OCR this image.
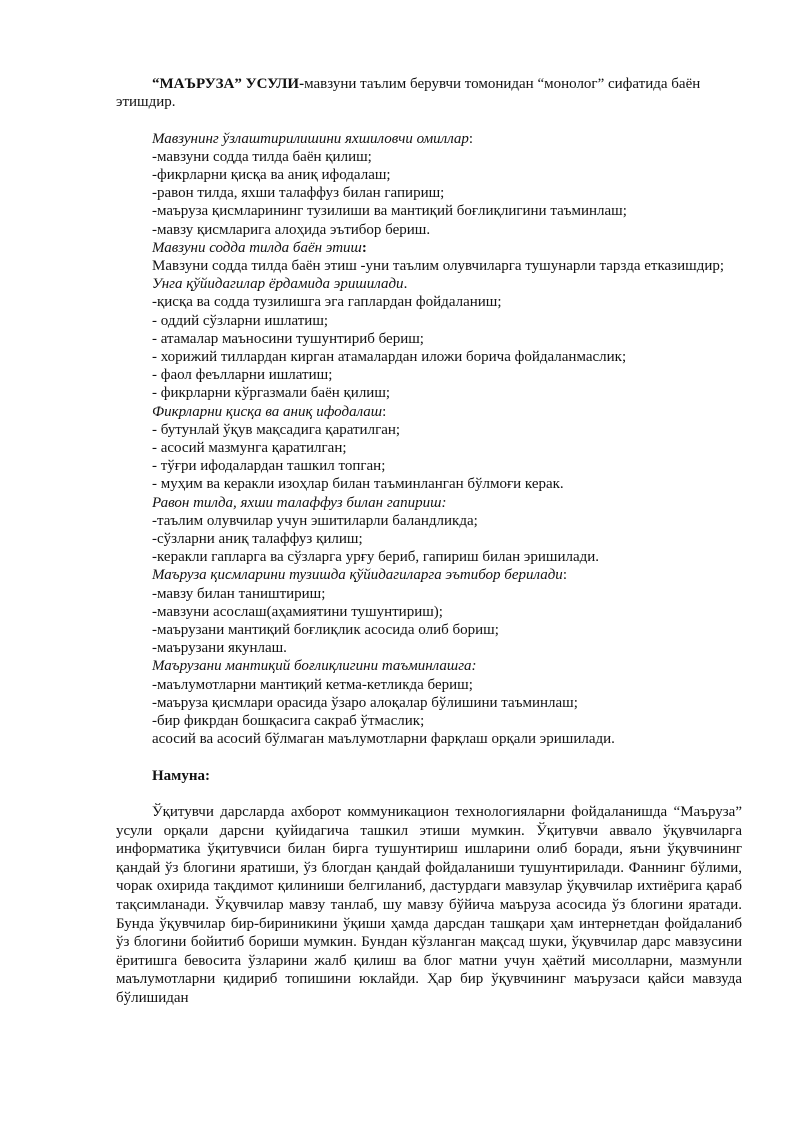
“МАЪРУЗА” УСУЛИ-мавзуни таълим берувчи томонидан “монолог” сифатида баён этишдир.

Мавзунинг ўзлаштирилишини яхшиловчи омиллар:

-мавзуни содда тилда баён қилиш;

-фикрларни қисқа ва аниқ ифодалаш;

-равон тилда, яхши талаффуз билан гапириш;

-маъруза қисмларининг тузилиши ва мантиқий боғлиқлигини таъминлаш;

-мавзу қисмларига алоҳида эътибор бериш.

Мавзуни содда тилда баён этиш:

Мавзуни содда тилда баён этиш -уни таълим олувчиларга тушунарли тарзда етказишдир;

Унга қўйидагилар ёрдамида эришилади.

-қисқа ва содда тузилишга эга гаплардан фойдаланиш;

- оддий сўзларни ишлатиш;

- атамалар маъносини тушунтириб бериш;

- хорижий тиллардан кирган атамалардан иложи борича фойдаланмаслик;

- фаол феълларни ишлатиш;

- фикрларни кўргазмали баён қилиш;

Фикрларни қисқа ва аниқ ифодалаш:

- бутунлай ўқув мақсадига қаратилган;

- асосий мазмунга қаратилган;

- тўғри ифодалардан ташкил топган;

- муҳим ва керакли изоҳлар билан таъминланган бўлмоғи керак.

Равон тилда, яхши талаффуз билан гапириш:

-таълим олувчилар учун эшитиларли баландликда;

-сўзларни аниқ талаффуз қилиш;

-керакли гапларга ва сўзларга урғу бериб, гапириш билан эришилади.

Маъруза қисмларини тузишда қўйидагиларга эътибор берилади:

-мавзу билан таништириш;

-мавзуни асослаш(аҳамиятини тушунтириш);

-маърузани мантиқий боғлиқлик асосида олиб бориш;

-маърузани якунлаш.

Маърузани мантиқий боғлиқлигини таъминлашга:

-маълумотларни мантиқий кетма-кетликда бериш;

-маъруза қисмлари орасида ўзаро алоқалар бўлишини таъминлаш;

-бир фикрдан бошқасига сакраб ўтмаслик;

асосий ва асосий бўлмаган маълумотларни фарқлаш орқали эришилади.

Намуна:

Ўқитувчи дарсларда ахборот коммуникацион технологияларни фойдаланишда “Маъруза” усули орқали дарсни қуйидагича ташкил этиши мумкин. Ўқитувчи аввало ўқувчиларга информатика ўқитувчиси билан бирга тушунтириш ишларини олиб боради, яъни ўқувчининг қандай ўз блогини яратиши, ўз блогдан қандай фойдаланиши тушунтирилади. Фаннинг бўлими, чорак охирида тақдимот қилиниши белгиланиб, дастурдаги мавзулар ўқувчилар ихтиёрига қараб тақсимланади. Ўқувчилар мавзу танлаб, шу мавзу бўйича маъруза асосида ўз блогини яратади. Бунда ўқувчилар бир-бириникини ўқиши ҳамда дарсдан ташқари ҳам интернетдан фойдаланиб ўз блогини бойитиб бориши мумкин. Бундан кўзланган мақсад шуки, ўқувчилар дарс мавзусини ёритишга бевосита ўзларини жалб қилиш ва блог матни учун ҳаётий мисолларни, мазмунли маълумотларни қидириб топишини юклайди. Ҳар бир ўқувчининг маърузаси қайси мавзуда бўлишидан
